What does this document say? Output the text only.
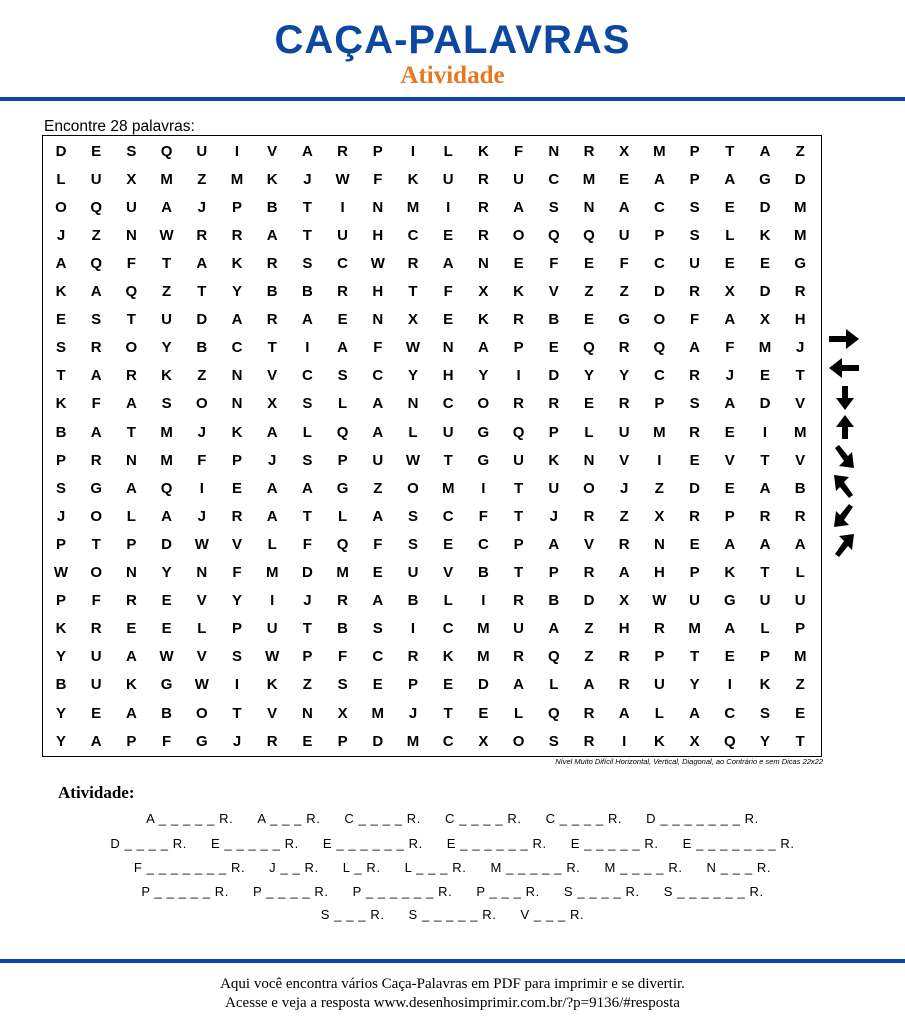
CAÇA-PALAVRAS
Atividade
Encontre 28 palavras:
D	E	S	Q	U	I	V	A	R	P	I	L	K	F	N	R	X	M	P	T	A	Z
L	U	X	M	Z	M	K	J	W	F	K	U	R	U	C	M	E	A	P	A	G	D
O	Q	U	A	J	P	B	T	I	N	M	I	R	A	S	N	A	C	S	E	D	M
J	Z	N	W	R	R	A	T	U	H	C	E	R	O	Q	Q	U	P	S	L	K	M
A	Q	F	T	A	K	R	S	C	W	R	A	N	E	F	E	F	C	U	E	E	G
K	A	Q	Z	T	Y	B	B	R	H	T	F	X	K	V	Z	Z	D	R	X	D	R
E	S	T	U	D	A	R	A	E	N	X	E	K	R	B	E	G	O	F	A	X	H
S	R	O	Y	B	C	T	I	A	F	W	N	A	P	E	Q	R	Q	A	F	M	J
T	A	R	K	Z	N	V	C	S	C	Y	H	Y	I	D	Y	Y	C	R	J	E	T
K	F	A	S	O	N	X	S	L	A	N	C	O	R	R	E	R	P	S	A	D	V
B	A	T	M	J	K	A	L	Q	A	L	U	G	Q	P	L	U	M	R	E	I	M
P	R	N	M	F	P	J	S	P	U	W	T	G	U	K	N	V	I	E	V	T	V
S	G	A	Q	I	E	A	A	G	Z	O	M	I	T	U	O	J	Z	D	E	A	B
J	O	L	A	J	R	A	T	L	A	S	C	F	T	J	R	Z	X	R	P	R	R
P	T	P	D	W	V	L	F	Q	F	S	E	C	P	A	V	R	N	E	A	A	A
W	O	N	Y	N	F	M	D	M	E	U	V	B	T	P	R	A	H	P	K	T	L
P	F	R	E	V	Y	I	J	R	A	B	L	I	R	B	D	X	W	U	G	U	U
K	R	E	E	L	P	U	T	B	S	I	C	M	U	A	Z	H	R	M	A	L	P
Y	U	A	W	V	S	W	P	F	C	R	K	M	R	Q	Z	R	P	T	E	P	M
B	U	K	G	W	I	K	Z	S	E	P	E	D	A	L	A	R	U	Y	I	K	Z
Y	E	A	B	O	T	V	N	X	M	J	T	E	L	Q	R	A	L	A	C	S	E
Y	A	P	F	G	J	R	E	P	D	M	C	X	O	S	R	I	K	X	Q	Y	T
Nível Muito Difícil Horizontal, Vertical, Diagonal, ao Contrário e sem Dicas 22x22
Atividade:
A _ _ _ _ _ R. A _ _ _ R. C _ _ _ _ R. C _ _ _ _ R. C _ _ _ _ R. D _ _ _ _ _ _ _ R.
D _ _ _ _ R. E _ _ _ _ _ R. E _ _ _ _ _ _ R. E _ _ _ _ _ _ R. E _ _ _ _ _ R. E _ _ _ _ _ _ _ R.
F _ _ _ _ _ _ _ R. J _ _ R. L _ R. L _ _ _ R. M _ _ _ _ _ R. M _ _ _ _ R. N _ _ _ R.
P _ _ _ _ _ R. P _ _ _ _ R. P _ _ _ _ _ _ R. P _ _ _ R. S _ _ _ _ R. S _ _ _ _ _ _ R.
S _ _ _ R. S _ _ _ _ _ R. V _ _ _ R.
Aqui você encontra vários Caça-Palavras em PDF para imprimir e se divertir.
Acesse e veja a resposta www.desenhosimprimir.com.br/?p=9136/#resposta
